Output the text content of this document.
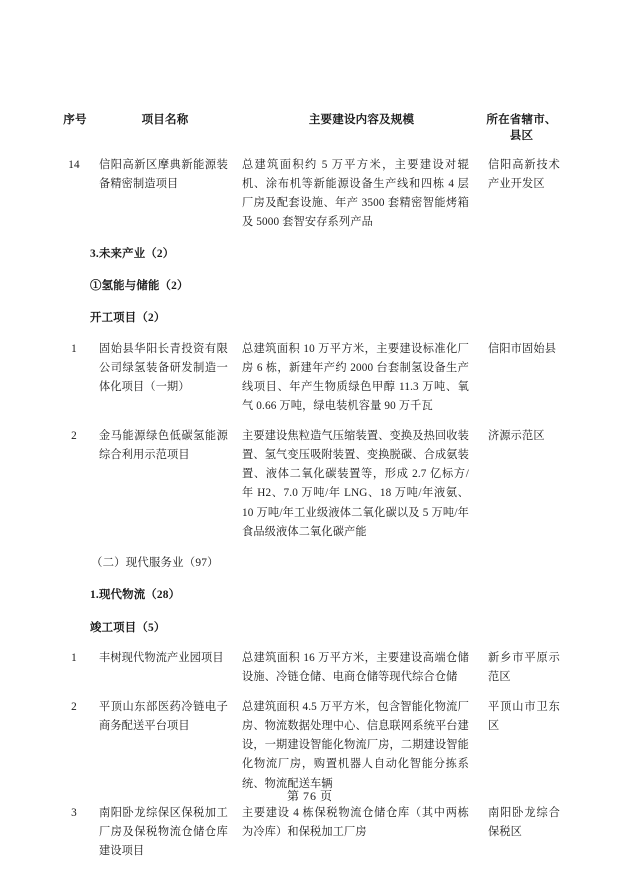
序号	项目名称	主要建设内容及规模	所在省辖市、
县区

14	信阳高新区摩典新能源装备精密制造项目	总建筑面积约 5 万平方米，主要建设对辊机、涂布机等新能源设备生产线和四栋 4 层厂房及配套设施、年产 3500 套精密智能烤箱及 5000 套智安存系列产品	信阳高新技术产业开发区
	3.未来产业（2）		
	①氢能与储能（2）		
	开工项目（2）		
1	固始县华阳长青投资有限公司绿氢装备研发制造一体化项目（一期）	总建筑面积 10 万平方米，主要建设标准化厂房 6 栋，新建年产约 2000 台套制氢设备生产线项目、年产生物质绿色甲醇 11.3 万吨、氧气 0.66 万吨，绿电装机容量 90 万千瓦	信阳市固始县
2	金马能源绿色低碳氢能源综合利用示范项目	主要建设焦粒造气压缩装置、变换及热回收装置、氢气变压吸附装置、变换脱碳、合成氨装置、液体二氧化碳装置等，形成 2.7 亿标方/年 H2、7.0 万吨/年 LNG、18 万吨/年液氨、10 万吨/年工业级液体二氧化碳以及 5 万吨/年食品级液体二氧化碳产能	济源示范区
	（二）现代服务业（97）		
	1.现代物流（28）		
	竣工项目（5）		
1	丰树现代物流产业园项目	总建筑面积 16 万平方米，主要建设高端仓储设施、冷链仓储、电商仓储等现代综合仓储	新乡市平原示范区
2	平顶山东部医药冷链电子商务配送平台项目	总建筑面积 4.5 万平方米，包含智能化物流厂房、物流数据处理中心、信息联网系统平台建设，一期建设智能化物流厂房，二期建设智能化物流厂房，购置机器人自动化智能分拣系统、物流配送车辆	平顶山市卫东区
3	南阳卧龙综保区保税加工厂房及保税物流仓储仓库建设项目	主要建设 4 栋保税物流仓储仓库（其中两栋为冷库）和保税加工厂房	南阳卧龙综合保税区
第 76 页
